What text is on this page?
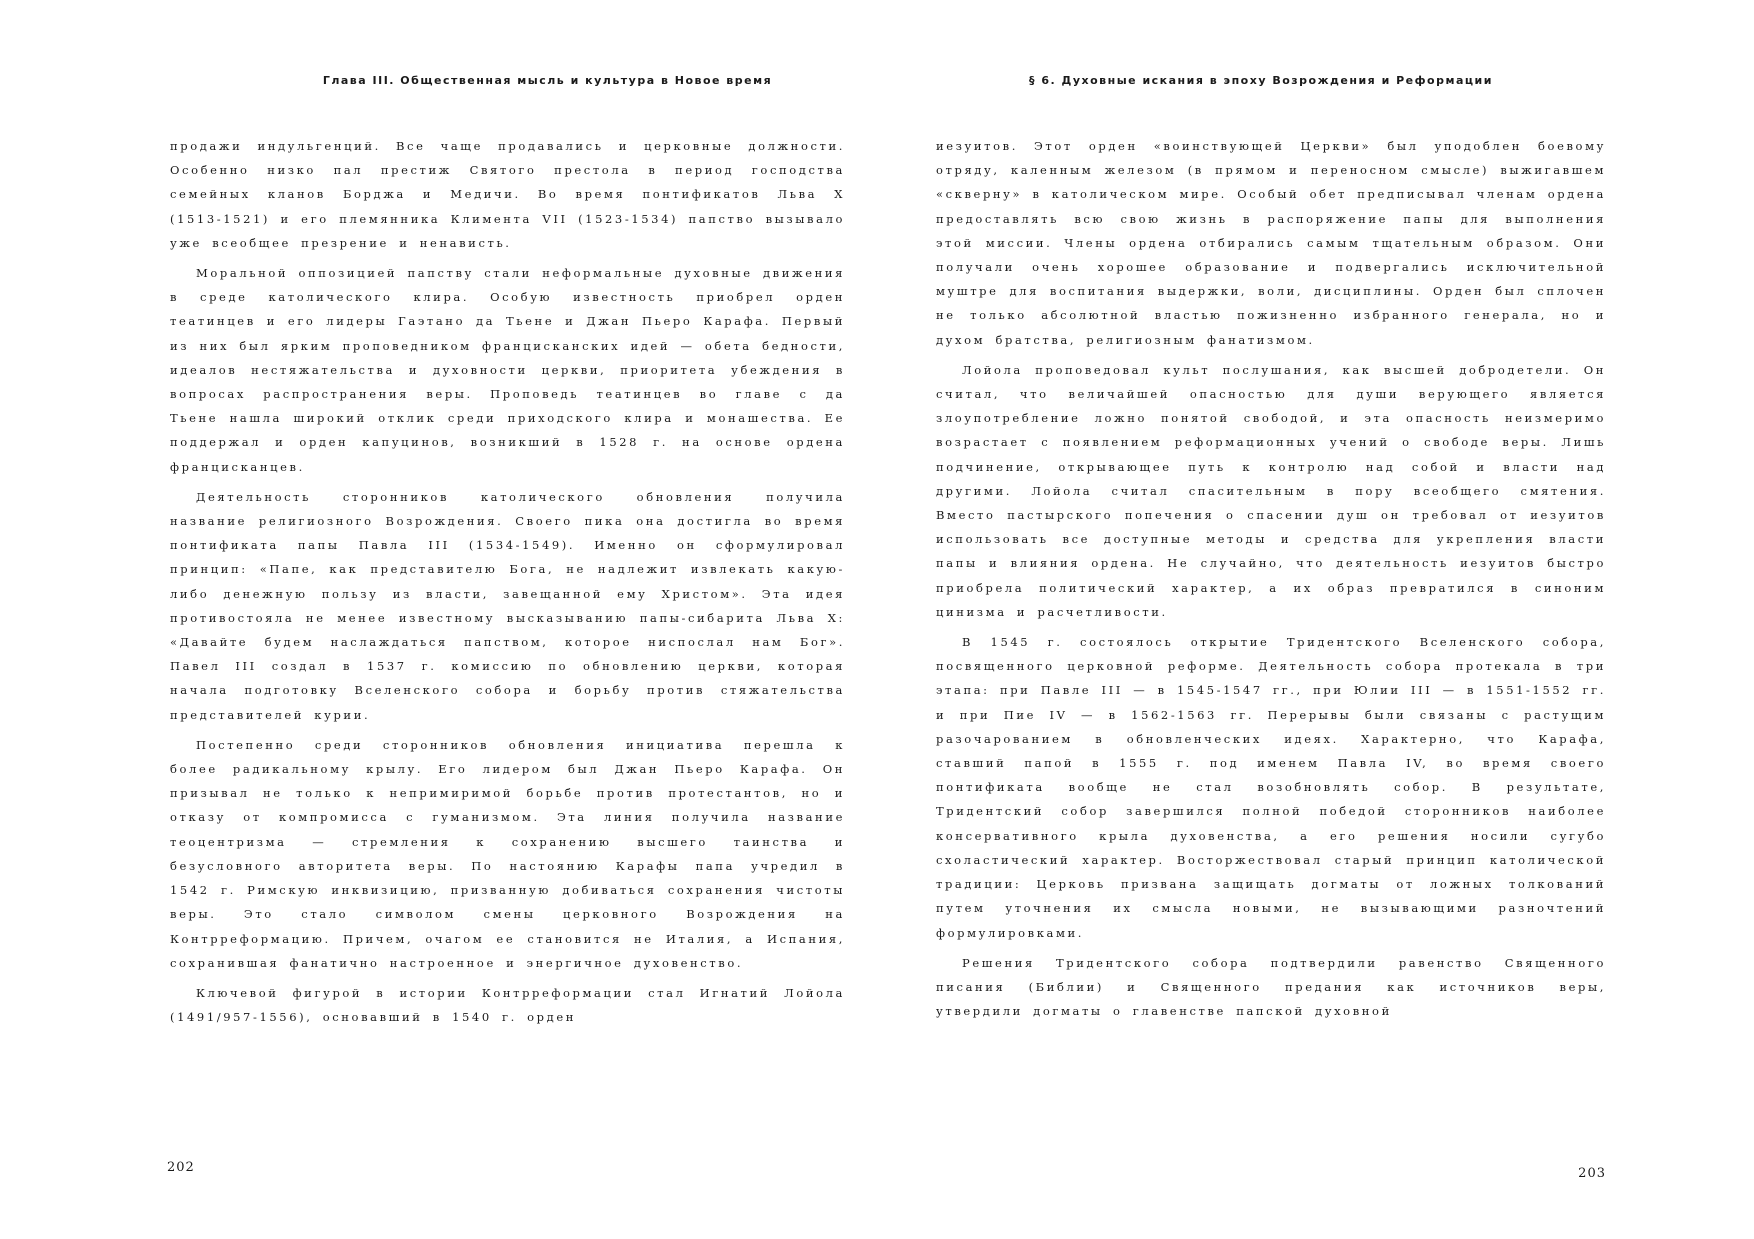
Глава III. Общественная мысль и культура в Новое время

продажи индульгенций. Все чаще продавались и церковные должности. Особенно низко пал престиж Святого престола в период господства семейных кланов Борджа и Медичи. Во время понтификатов Льва X (1513-1521) и его племянника Климента VII (1523-1534) папство вызывало уже всеобщее презрение и ненависть.

Моральной оппозицией папству стали неформальные духовные движения в среде католического клира. Особую известность приобрел орден театинцев и его лидеры Гаэтано да Тьене и Джан Пьеро Карафа. Первый из них был ярким проповедником францисканских идей — обета бедности, идеалов нестяжательства и духовности церкви, приоритета убеждения в вопросах распространения веры. Проповедь театинцев во главе с да Тьене нашла широкий отклик среди приходского клира и монашества. Ее поддержал и орден капуцинов, возникший в 1528 г. на основе ордена францисканцев.

Деятельность сторонников католического обновления получила название религиозного Возрождения. Своего пика она достигла во время понтификата папы Павла III (1534-1549). Именно он сформулировал принцип: «Папе, как представителю Бога, не надлежит извлекать какую-либо денежную пользу из власти, завещанной ему Христом». Эта идея противостояла не менее известному высказыванию папы-сибарита Льва X: «Давайте будем наслаждаться папством, которое ниспослал нам Бог». Павел III создал в 1537 г. комиссию по обновлению церкви, которая начала подготовку Вселенского собора и борьбу против стяжательства представителей курии.

Постепенно среди сторонников обновления инициатива перешла к более радикальному крылу. Его лидером был Джан Пьеро Карафа. Он призывал не только к непримиримой борьбе против протестантов, но и отказу от компромисса с гуманизмом. Эта линия получила название теоцентризма — стремления к сохранению высшего таинства и безусловного авторитета веры. По настоянию Карафы папа учредил в 1542 г. Римскую инквизицию, призванную добиваться сохранения чистоты веры. Это стало символом смены церковного Возрождения на Контрреформацию. Причем, очагом ее становится не Италия, а Испания, сохранившая фанатично настроенное и энергичное духовенство.

Ключевой фигурой в истории Контрреформации стал Игнатий Лойола (1491/957-1556), основавший в 1540 г. орден

202
§ 6. Духовные искания в эпоху Возрождения и Реформации

иезуитов. Этот орден «воинствующей Церкви» был уподоблен боевому отряду, каленным железом (в прямом и переносном смысле) выжигавшем «скверну» в католическом мире. Особый обет предписывал членам ордена предоставлять всю свою жизнь в распоряжение папы для выполнения этой миссии. Члены ордена отбирались самым тщательным образом. Они получали очень хорошее образование и подвергались исключительной муштре для воспитания выдержки, воли, дисциплины. Орден был сплочен не только абсолютной властью пожизненно избранного генерала, но и духом братства, религиозным фанатизмом.

Лойола проповедовал культ послушания, как высшей добродетели. Он считал, что величайшей опасностью для души верующего является злоупотребление ложно понятой свободой, и эта опасность неизмеримо возрастает с появлением реформационных учений о свободе веры. Лишь подчинение, открывающее путь к контролю над собой и власти над другими. Лойола считал спасительным в пору всеобщего смятения. Вместо пастырского попечения о спасении душ он требовал от иезуитов использовать все доступные методы и средства для укрепления власти папы и влияния ордена. Не случайно, что деятельность иезуитов быстро приобрела политический характер, а их образ превратился в синоним цинизма и расчетливости.

В 1545 г. состоялось открытие Тридентского Вселенского собора, посвященного церковной реформе. Деятельность собора протекала в три этапа: при Павле III — в 1545-1547 гг., при Юлии III — в 1551-1552 гг. и при Пие IV — в 1562-1563 гг. Перерывы были связаны с растущим разочарованием в обновленческих идеях. Характерно, что Карафа, ставший папой в 1555 г. под именем Павла IV, во время своего понтификата вообще не стал возобновлять собор. В результате, Тридентский собор завершился полной победой сторонников наиболее консервативного крыла духовенства, а его решения носили сугубо схоластический характер. Восторжествовал старый принцип католической традиции: Церковь призвана защищать догматы от ложных толкований путем уточнения их смысла новыми, не вызывающими разночтений формулировками.

Решения Тридентского собора подтвердили равенство Священного писания (Библии) и Священного предания как источников веры, утвердили догматы о главенстве папской духовной

203
